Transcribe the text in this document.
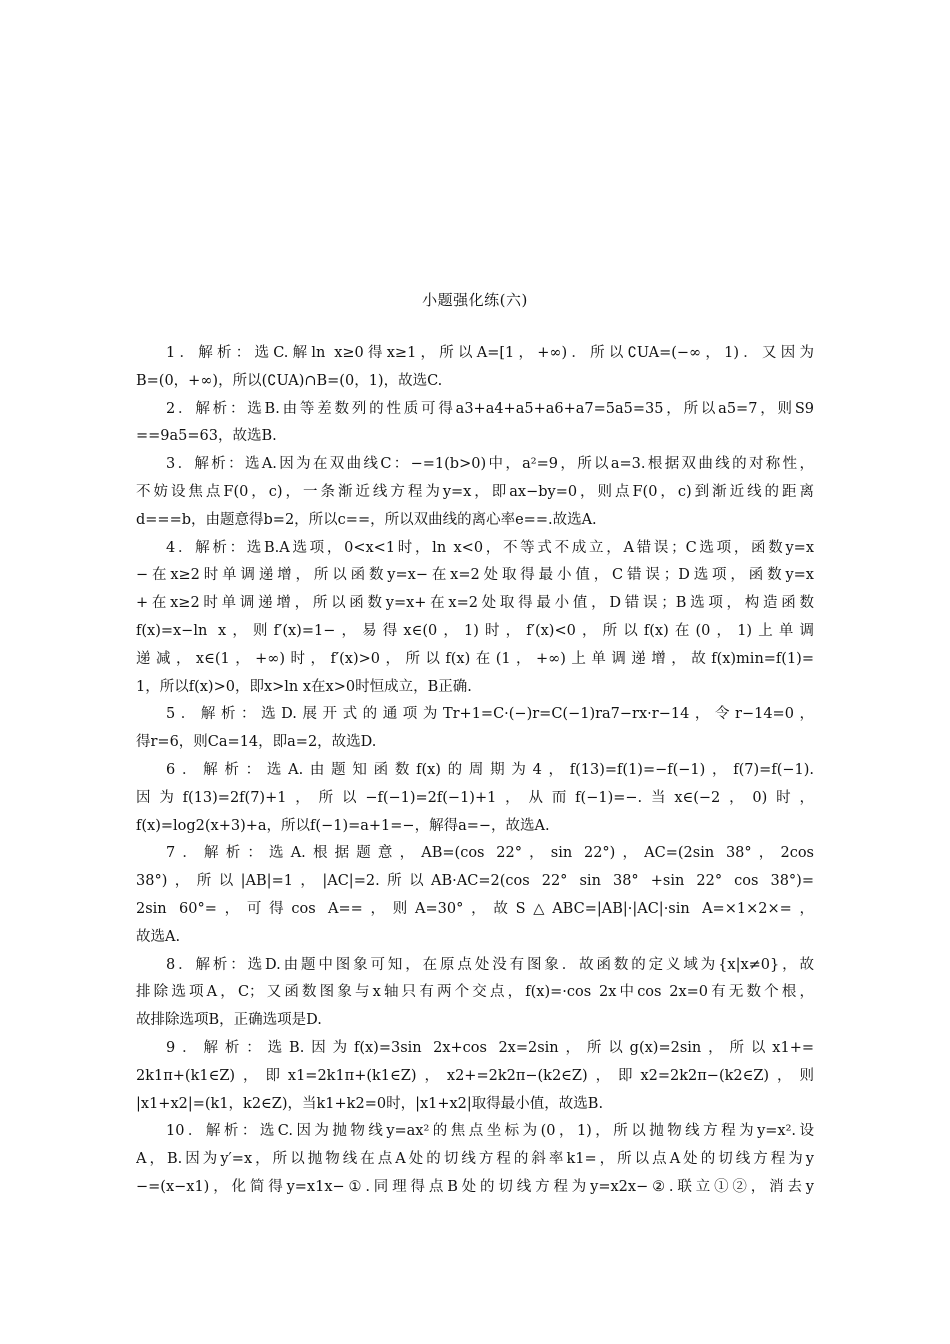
小题强化练(六)
1．解析：选C.解ln x≥0得x≥1，所以A=[1，+∞)．所以∁UA=(−∞，1)．又因为
B=(0，+∞)，所以(∁UA)∩B=(0，1)，故选C.
2．解析：选B.由等差数列的性质可得a3+a4+a5+a6+a7=5a5=35，所以a5=7，则S9
==9a5=63，故选B.
3．解析：选A.因为在双曲线C：−=1(b>0)中，a²=9，所以a=3.根据双曲线的对称性，
不妨设焦点F(0，c)，一条渐近线方程为y=x，即ax−by=0，则点F(0，c)到渐近线的距离
d===b，由题意得b=2，所以c==，所以双曲线的离心率e==.故选A.
4．解析：选B.A选项，0<x<1时，ln x<0，不等式不成立，A错误；C选项，函数y=x
−在x≥2时单调递增，所以函数y=x−在x=2处取得最小值，C错误；D选项，函数y=x
+在x≥2时单调递增，所以函数y=x+在x=2处取得最小值，D错误；B选项，构造函数
f(x)=x−ln x，则f′(x)=1−，易得x∈(0，1)时，f′(x)<0，所以f(x)在(0，1)上单调
递减，x∈(1，+∞)时，f′(x)>0，所以f(x)在(1，+∞)上单调递增，故f(x)min=f(1)=
1，所以f(x)>0，即x>ln x在x>0时恒成立，B正确.
5．解析：选D.展开式的通项为Tr+1=C·(−)r=C(−1)ra7−rx·r−14，令r−14=0，
得r=6，则Ca=14，即a=2，故选D.
6．解析：选A.由题知函数f(x)的周期为4，f(13)=f(1)=−f(−1)，f(7)=f(−1).
因为f(13)=2f(7)+1，所以−f(−1)=2f(−1)+1，从而f(−1)=−.当x∈(−2，0)时，
f(x)=log2(x+3)+a，所以f(−1)=a+1=−，解得a=−，故选A.
7．解析：选A.根据题意，AB=(cos 22°，sin 22°)，AC=(2sin 38°，2cos
38°)，所以|AB|=1，|AC|=2.所以AB·AC=2(cos 22° sin 38° +sin 22° cos 38°)=
2sin 60°=，可得cos A==，则A=30°，故S△ABC=|AB|·|AC|·sin A=×1×2×=，
故选A.
8．解析：选D.由题中图象可知，在原点处没有图象．故函数的定义域为{x|x≠0}，故
排除选项A，C；又函数图象与x轴只有两个交点，f(x)=·cos 2x中cos 2x=0有无数个根，
故排除选项B，正确选项是D.
9．解析：选B.因为f(x)=3sin 2x+cos 2x=2sin，所以g(x)=2sin，所以x1+=
2k1π+(k1∈Z)，即x1=2k1π+(k1∈Z)，x2+=2k2π−(k2∈Z)，即x2=2k2π−(k2∈Z)，则
|x1+x2|=(k1，k2∈Z)，当k1+k2=0时，|x1+x2|取得最小值，故选B.
10．解析：选C.因为抛物线y=ax²的焦点坐标为(0，1)，所以抛物线方程为y=x².设
A，B.因为y′=x，所以抛物线在点A处的切线方程的斜率k1=，所以点A处的切线方程为y
−=(x−x1)，化简得y=x1x−①.同理得点B处的切线方程为y=x2x−②.联立①②，消去y
